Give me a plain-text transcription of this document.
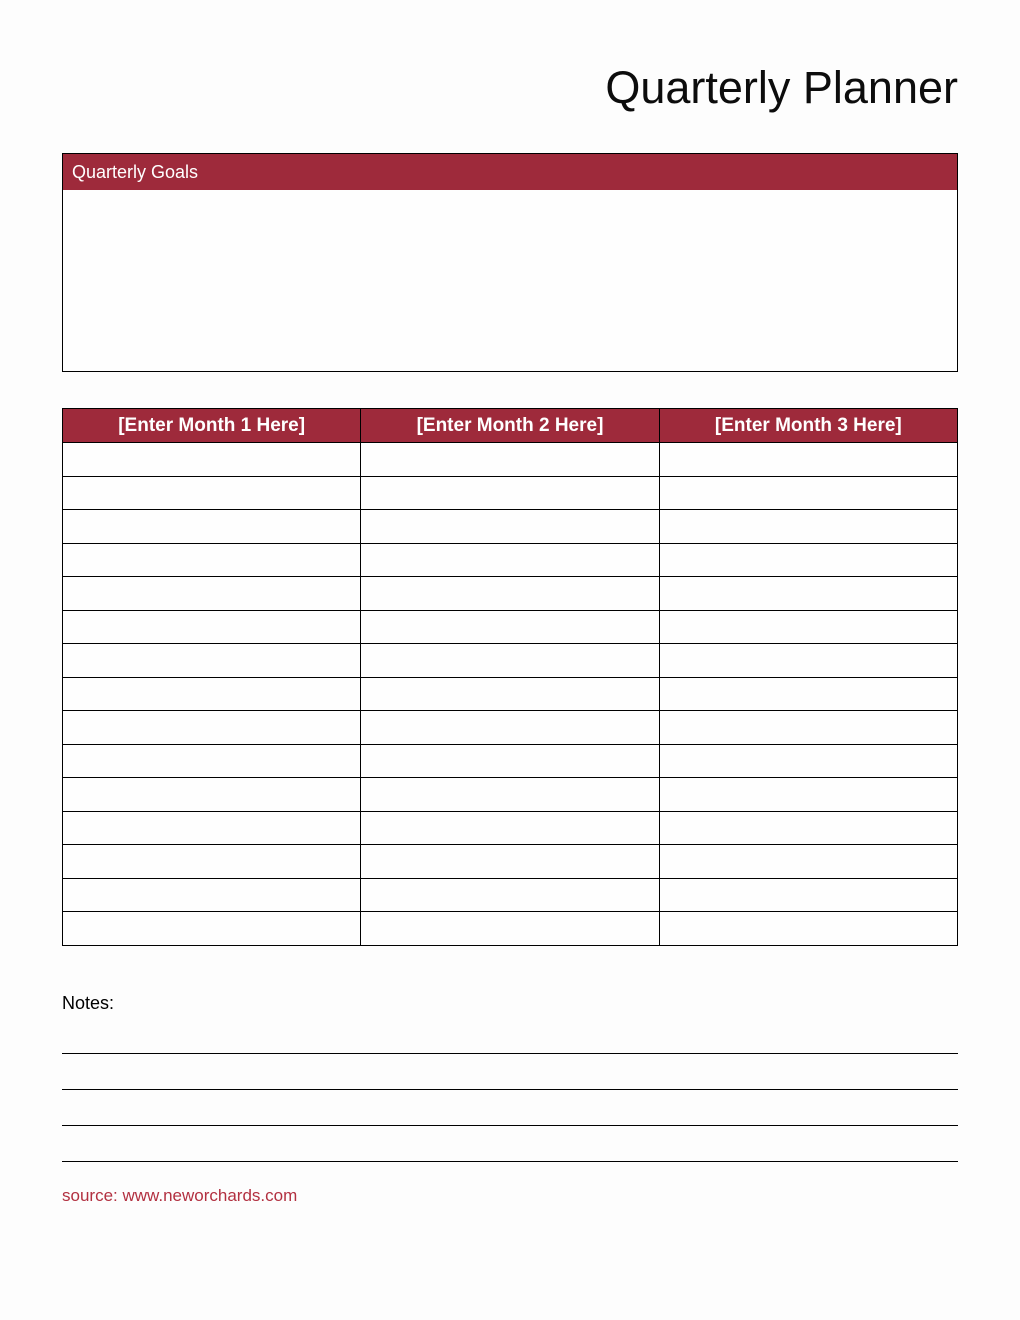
Quarterly Planner
Quarterly Goals
[Enter Month 1 Here]	[Enter Month 2 Here]	[Enter Month 3 Here]

Notes:
source: www.neworchards.com
